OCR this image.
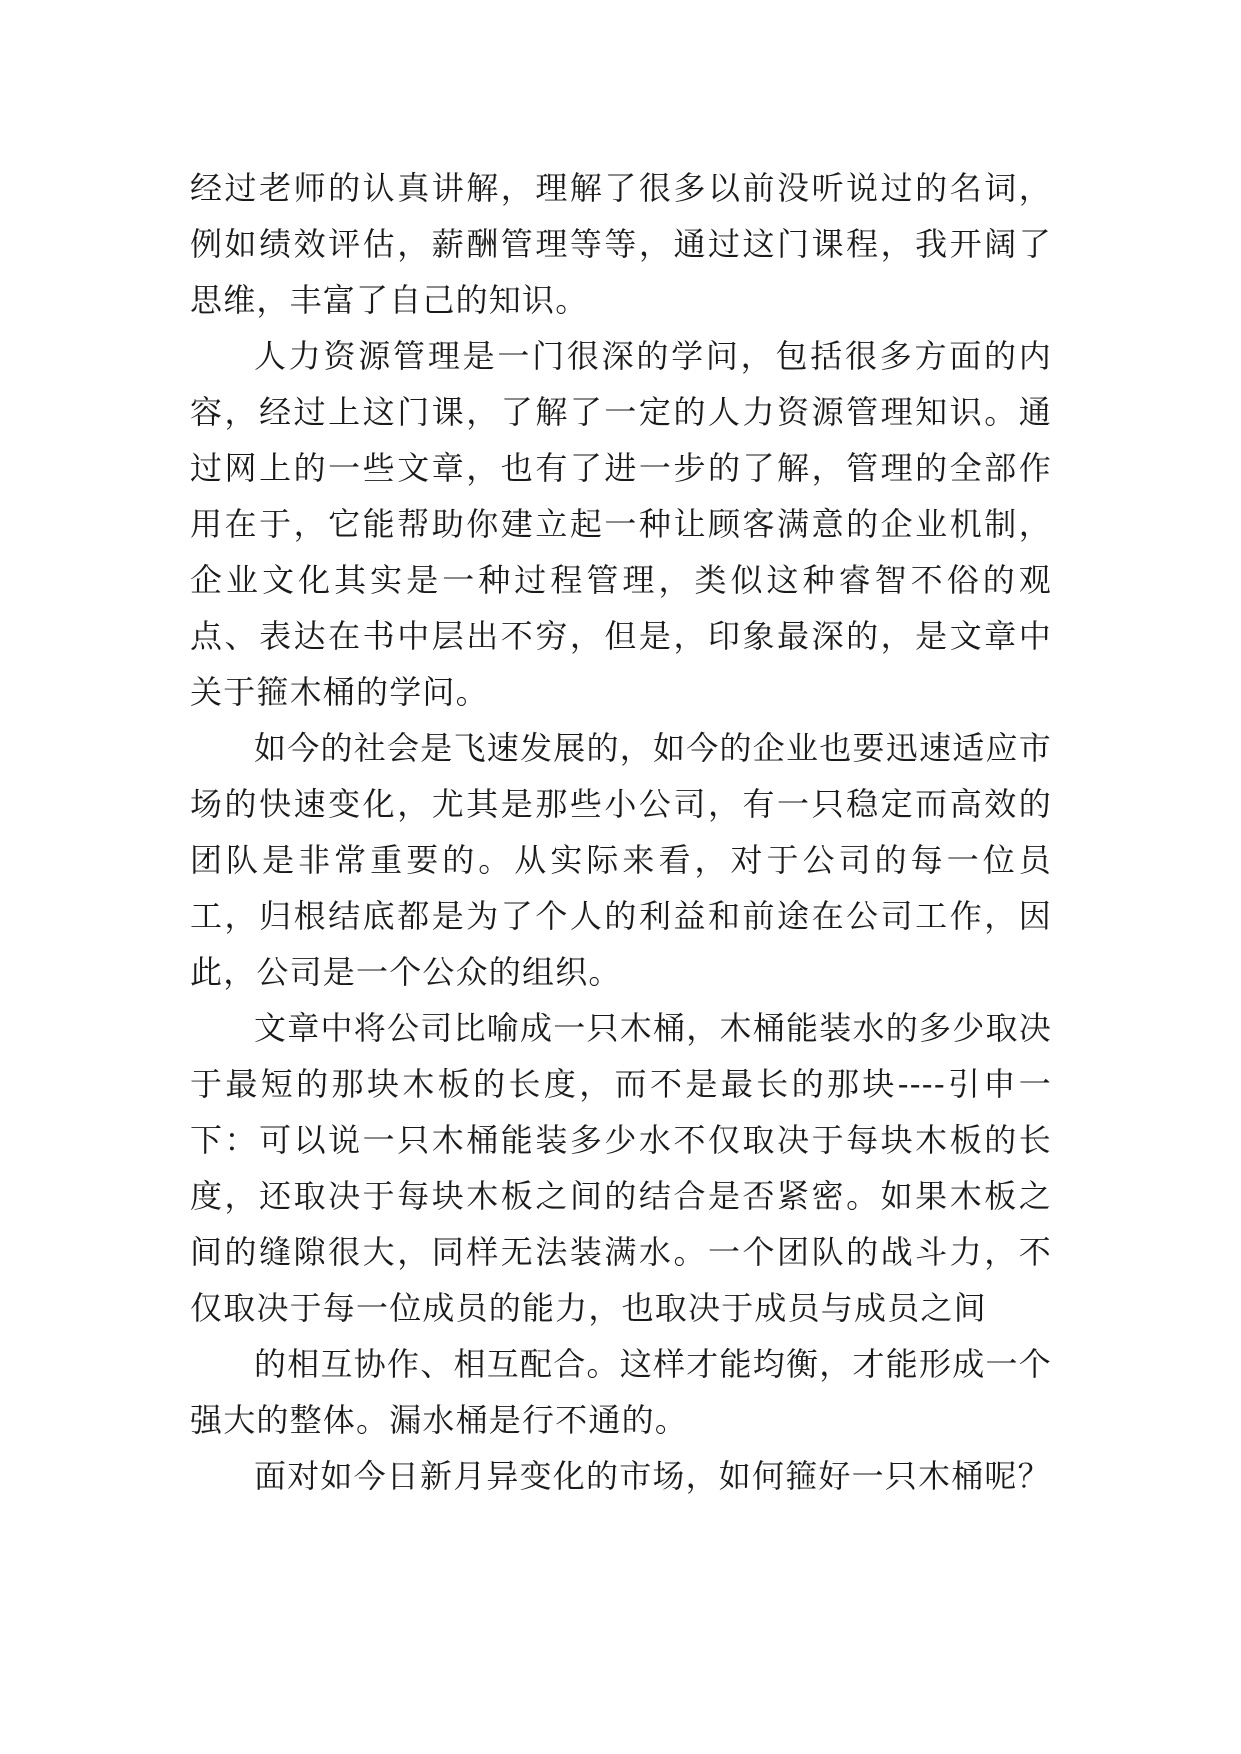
经过老师的认真讲解，理解了很多以前没听说过的名词，例如绩效评估，薪酬管理等等，通过这门课程，我开阔了思维，丰富了自己的知识。

人力资源管理是一门很深的学问，包括很多方面的内容，经过上这门课，了解了一定的人力资源管理知识。通过网上的一些文章，也有了进一步的了解，管理的全部作用在于，它能帮助你建立起一种让顾客满意的企业机制，企业文化其实是一种过程管理，类似这种睿智不俗的观点、表达在书中层出不穷，但是，印象最深的，是文章中关于箍木桶的学问。

如今的社会是飞速发展的，如今的企业也要迅速适应市场的快速变化，尤其是那些小公司，有一只稳定而高效的团队是非常重要的。从实际来看，对于公司的每一位员工，归根结底都是为了个人的利益和前途在公司工作，因此，公司是一个公众的组织。

文章中将公司比喻成一只木桶，木桶能装水的多少取决于最短的那块木板的长度，而不是最长的那块----引申一下：可以说一只木桶能装多少水不仅取决于每块木板的长度，还取决于每块木板之间的结合是否紧密。如果木板之间的缝隙很大，同样无法装满水。一个团队的战斗力，不仅取决于每一位成员的能力，也取决于成员与成员之间

的相互协作、相互配合。这样才能均衡，才能形成一个强大的整体。漏水桶是行不通的。

面对如今日新月异变化的市场，如何箍好一只木桶呢？
